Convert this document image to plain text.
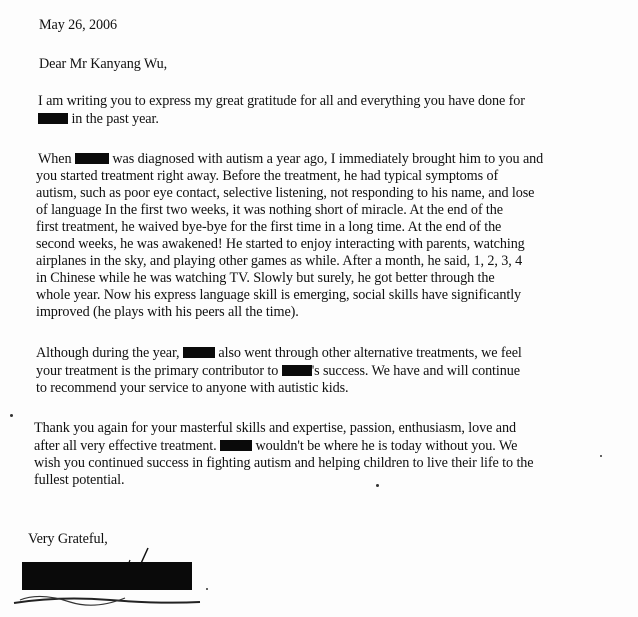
May 26, 2006
Dear Mr Kanyang Wu,
I am writing you to express my great gratitude for all and everything you have done for
in the past year.
When  was diagnosed with autism a year ago, I immediately brought him to you and
you started treatment right away. Before the treatment, he had typical symptoms of
autism, such as poor eye contact, selective listening, not responding to his name, and lose
of language In the first two weeks, it was nothing short of miracle. At the end of the
first treatment, he waived bye-bye for the first time in a long time. At the end of the
second weeks, he was awakened! He started to enjoy interacting with parents, watching
airplanes in the sky, and playing other games as while. After a month, he said, 1, 2, 3, 4
in Chinese while he was watching TV. Slowly but surely, he got better through the
whole year. Now his express language skill is emerging, social skills have significantly
improved (he plays with his peers all the time).
Although during the year,  also went through other alternative treatments, we feel
your treatment is the primary contributor to 's success. We have and will continue
to recommend your service to anyone with autistic kids.
Thank you again for your masterful skills and expertise, passion, enthusiasm, love and
after all very effective treatment.  wouldn't be where he is today without you. We
wish you continued success in fighting autism and helping children to live their life to the
fullest potential.
Very Grateful,
